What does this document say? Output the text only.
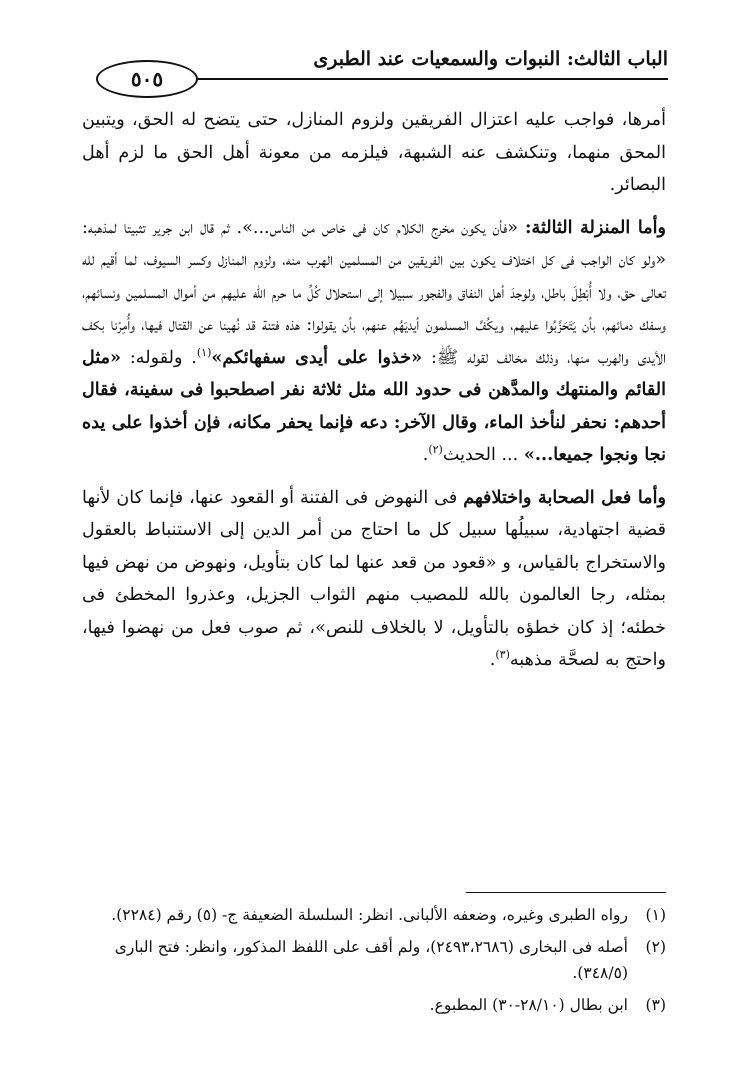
الباب الثالث: النبوات والسمعيات عند الطبرى
٥٠٥

أمرها، فواجب عليه اعتزال الفريقين ولزوم المنازل، حتى يتضح له الحق، ويتبين المحق منهما، وتنكشف عنه الشبهة، فيلزمه من معونة أهل الحق ما لزم أهل البصائر.

وأما المنزلة الثالثة: «فأن يكون مخرج الكلام كان فى خاص من الناس...». ثم قال ابن جرير تثبيتا لمذهبه: «ولو كان الواجب فى كل اختلاف يكون بين الفريقين من المسلمين الهرب منه، ولزوم المنازل وكسر السيوف، لما أقيم لله تعالى حق، ولا أُبْطِلَ باطل، ولوجدَ أهل النفاق والفجور سبيلا إلى استحلال كُلِّ ما حرم الله عليهم من أموال المسلمين ونسائهم، وسفك دمائهم، بأن يَتَحَزَّبُوا عليهم، ويكُفَّ المسلمون أيديَهُم عنهم، بأن يقولوا: هذه فتنة قد نُهينا عن القتال فيها، وأُمِرْنا بكف الأيدى والهرب منها، وذلك مخالف لقوله ﷺ: «خذوا على أيدى سفهائكم»$^{(١)}$. ولقوله: «مثل القائم والمنتهك والمدَّهن فى حدود الله مثل ثلاثة نفر اصطحبوا فى سفينة، فقال أحدهم: نحفر لنأخذ الماء، وقال الآخر: دعه فإنما يحفر مكانه، فإن أخذوا على يده نجا ونجوا جميعا...» ... الحديث$^{(٢)}$.

وأما فعل الصحابة واختلافهم فى النهوض فى الفتنة أو القعود عنها، فإنما كان لأنها قضية اجتهادية، سبيلُها سبيل كل ما احتاج من أمر الدين إلى الاستنباط بالعقول والاستخراج بالقياس، و «قعود من قعد عنها لما كان بتأويل، ونهوض من نهض فيها بمثله، رجا العالمون بالله للمصيب منهم الثواب الجزيل، وعذروا المخطئ فى خطئه؛ إذ كان خطؤه بالتأويل، لا بالخلاف للنص»، ثم صوب فعل من نهضوا فيها، واحتج به لصحَّة مذهبه$^{(٣)}$.

(١)
رواه الطبرى وغيره، وضعفه الألبانى. انظر: السلسلة الضعيفة ج- (٥) رقم (٢٢٨٤).
(٢)
أصله فى البخارى (٢٤٩٣،٢٦٨٦)، ولم أقف على اللفظ المذكور، وانظر: فتح البارى (٣٤٨/٥).
(٣)
ابن بطال (٢٨/١٠-٣٠) المطبوع.
